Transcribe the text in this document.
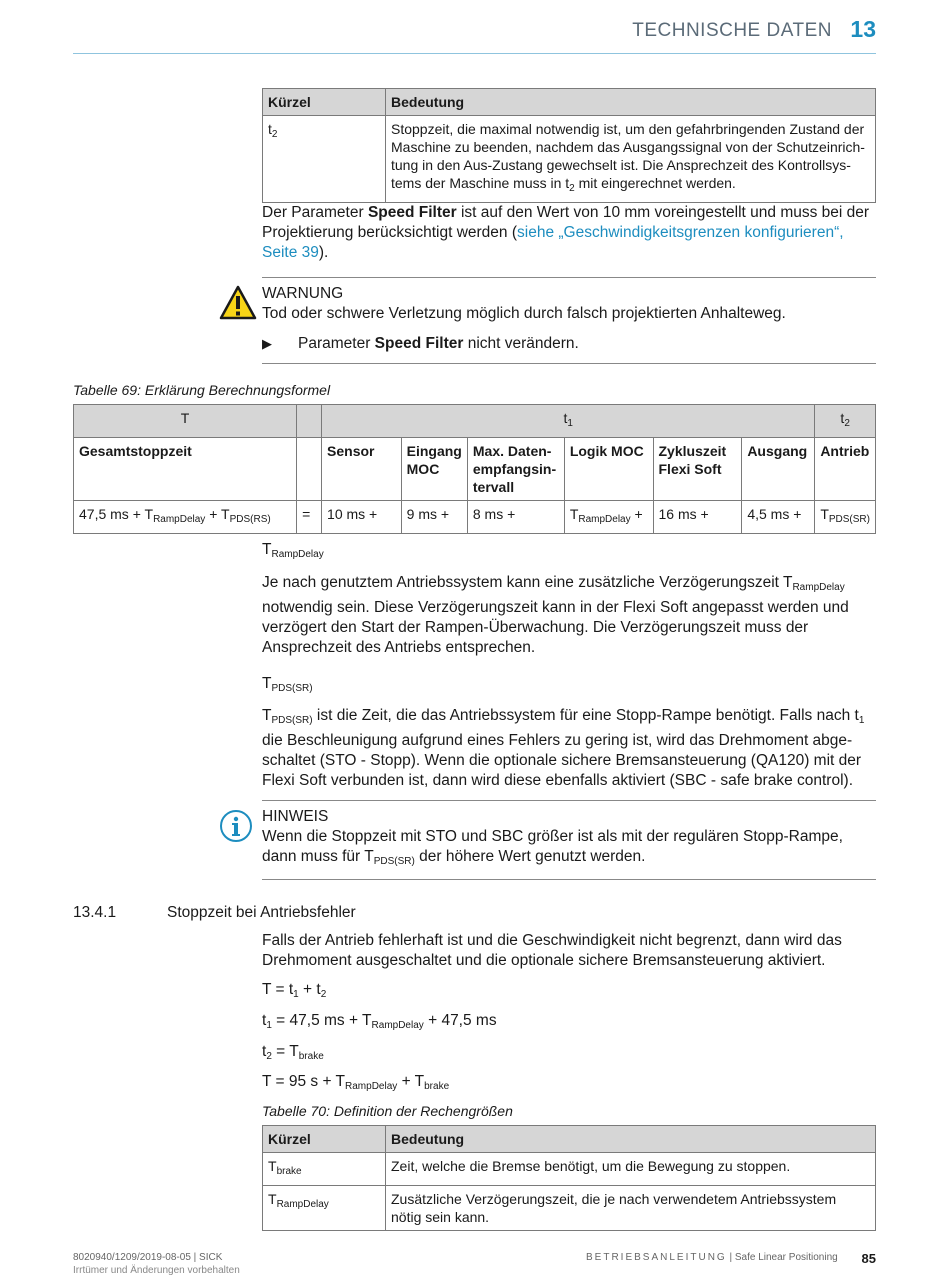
TECHNISCHE DATEN 13
Kürzel	Bedeutung
$t_2$	Stoppzeit, die maximal notwendig ist, um den gefahrbringenden Zustand der Maschine zu beenden, nachdem das Ausgangssignal von der Schutzeinrich-tung in den Aus-Zustang gewechselt ist. Die Ansprechzeit des Kontrollsys-tems der Maschine muss in $t_2$ mit eingerechnet werden.
Der Parameter Speed Filter ist auf den Wert von 10 mm voreingestellt und muss bei der Projektierung berücksichtigt werden (siehe „Geschwindigkeitsgrenzen konfigurieren“, Seite 39).
WARNUNG
Tod oder schwere Verletzung möglich durch falsch projektierten Anhalteweg.
▶ Parameter Speed Filter nicht verändern.
Tabelle 69: Erklärung Berechnungsformel
T		$t_1$						$t_2$
Gesamtstoppzeit		Sensor	Eingang MOC	Max. Daten-empfangsin-tervall	Logik MOC	Zykluszeit Flexi Soft	Ausgang	Antrieb
47,5 ms + $T_{RampDelay} + T_{PDS(RS)}$	=	10 ms +	9 ms +	8 ms +	$T_{RampDelay}$ +	16 ms +	4,5 ms +	$T_{PDS(SR)}$
$T_{RampDelay}$
Je nach genutztem Antriebssystem kann eine zusätzliche Verzögerungszeit $T_{RampDelay}$ notwendig sein. Diese Verzögerungszeit kann in der Flexi Soft angepasst werden und verzögert den Start der Rampen-Überwachung. Die Verzögerungszeit muss der Ansprechzeit des Antriebs entsprechen.
$T_{PDS(SR)}$
$T_{PDS(SR)}$ ist die Zeit, die das Antriebssystem für eine Stopp-Rampe benötigt. Falls nach $t_1$ die Beschleunigung aufgrund eines Fehlers zu gering ist, wird das Drehmoment abge-schaltet (STO - Stopp). Wenn die optionale sichere Bremsansteuerung (QA120) mit der Flexi Soft verbunden ist, dann wird diese ebenfalls aktiviert (SBC - safe brake control).
HINWEIS
Wenn die Stoppzeit mit STO und SBC größer ist als mit der regulären Stopp-Rampe, dann muss für $T_{PDS(SR)}$ der höhere Wert genutzt werden.
13.4.1	Stoppzeit bei Antriebsfehler
Falls der Antrieb fehlerhaft ist und die Geschwindigkeit nicht begrenzt, dann wird das Drehmoment ausgeschaltet und die optionale sichere Bremsansteuerung aktiviert.
$T = t_1 + t_2$
$t_1 = 47,5$ ms + $T_{RampDelay} + 47,5$ ms
$t_2 = T_{brake}$
T = 95 $s + T_{RampDelay} + T_{brake}$
Tabelle 70: Definition der Rechengrößen
Kürzel	Bedeutung
$T_{brake}$	Zeit, welche die Bremse benötigt, um die Bewegung zu stoppen.
$T_{RampDelay}$	Zusätzliche Verzögerungszeit, die je nach verwendetem Antriebssystem nötig sein kann.
8020940/1209/2019-08-05 | SICK
Irrtümer und Änderungen vorbehalten
BETRIEBSANLEITUNG | Safe Linear Positioning 85
